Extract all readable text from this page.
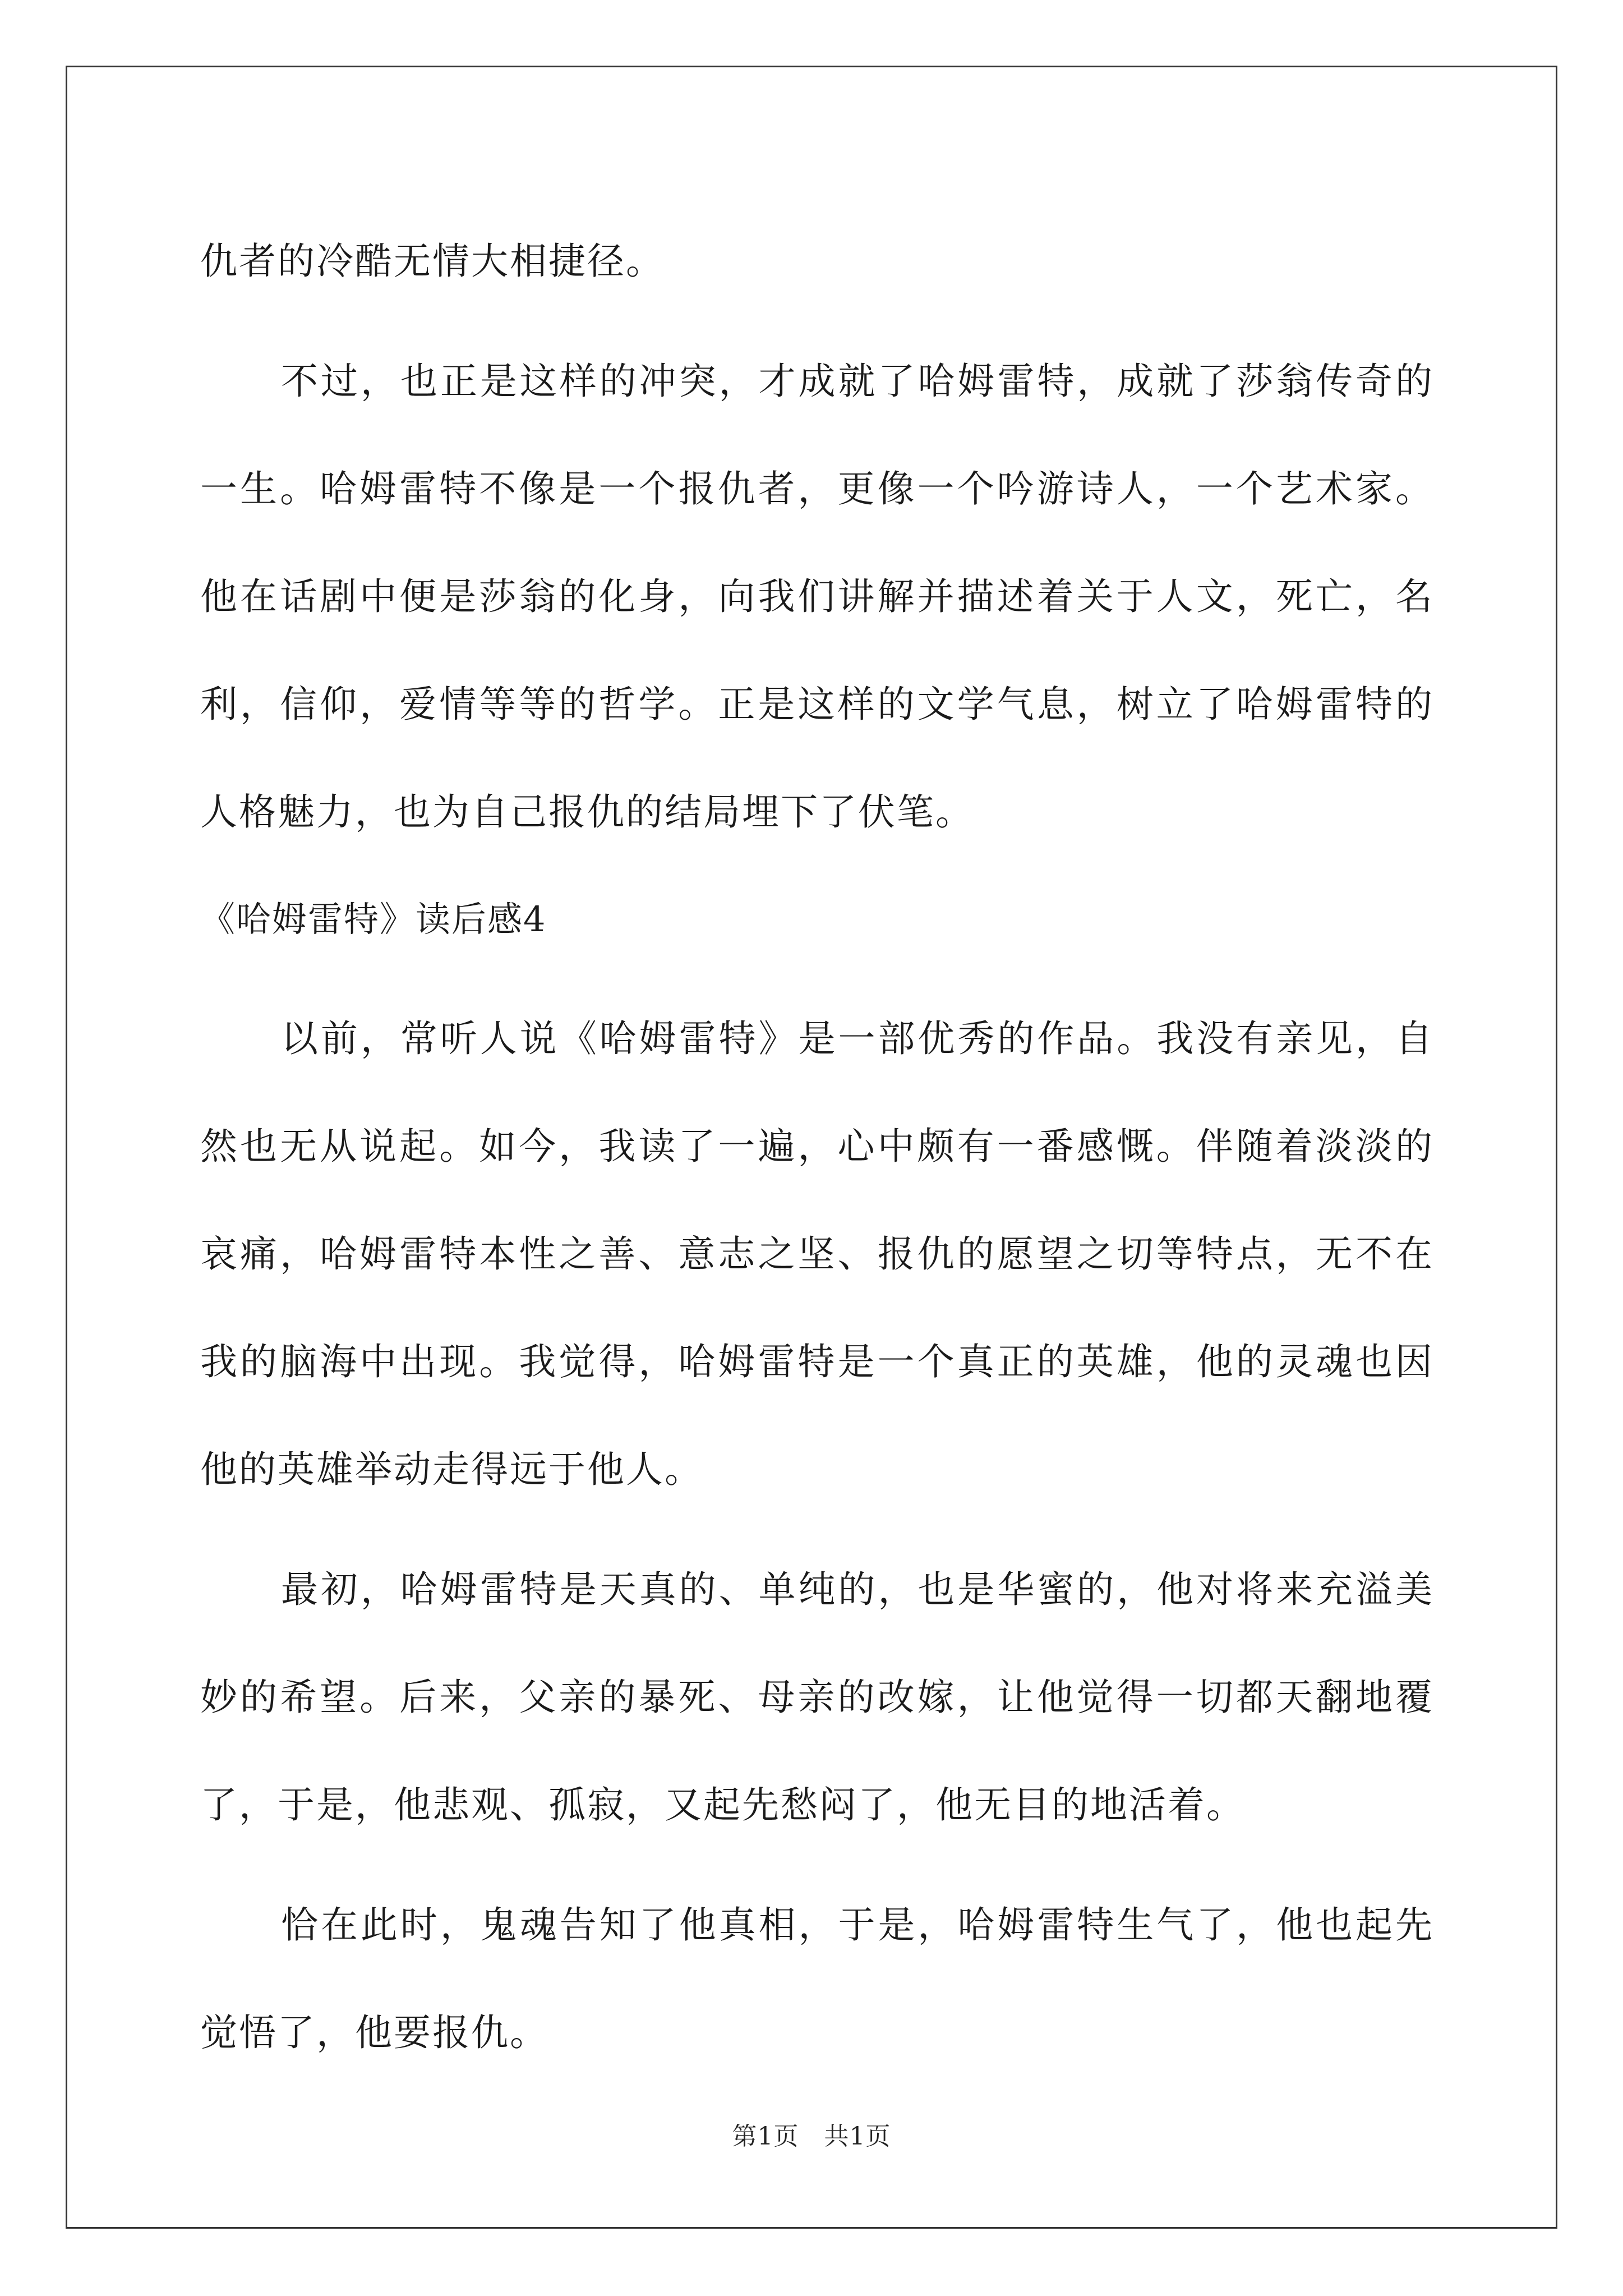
仇者的冷酷无情大相捷径。

不过，也正是这样的冲突，才成就了哈姆雷特，成就了莎翁传奇的一生。哈姆雷特不像是一个报仇者，更像一个吟游诗人，一个艺术家。他在话剧中便是莎翁的化身，向我们讲解并描述着关于人文，死亡，名利，信仰，爱情等等的哲学。正是这样的文学气息，树立了哈姆雷特的人格魅力，也为自己报仇的结局埋下了伏笔。

《哈姆雷特》读后感4

以前，常听人说《哈姆雷特》是一部优秀的作品。我没有亲见，自然也无从说起。如今，我读了一遍，心中颇有一番感慨。伴随着淡淡的哀痛，哈姆雷特本性之善、意志之坚、报仇的愿望之切等特点，无不在我的脑海中出现。我觉得，哈姆雷特是一个真正的英雄，他的灵魂也因他的英雄举动走得远于他人。

最初，哈姆雷特是天真的、单纯的，也是华蜜的，他对将来充溢美妙的希望。后来，父亲的暴死、母亲的改嫁，让他觉得一切都天翻地覆了，于是，他悲观、孤寂，又起先愁闷了，他无目的地活着。

恰在此时，鬼魂告知了他真相，于是，哈姆雷特生气了，他也起先觉悟了，他要报仇。

第1页　共1页
